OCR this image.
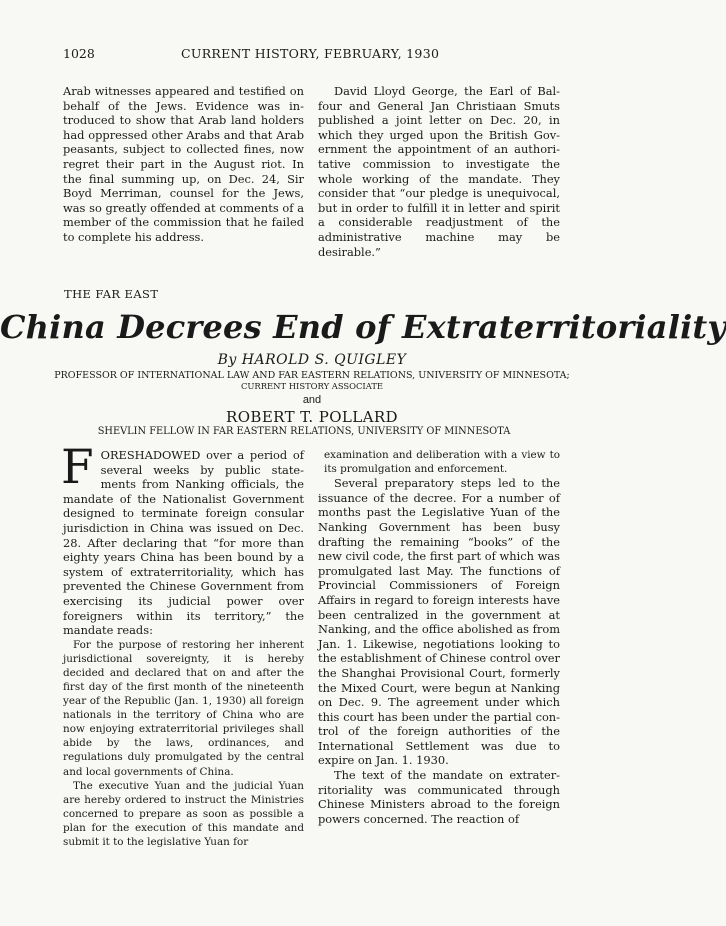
1028	CURRENT HISTORY, FEBRUARY, 1930

Arab witnesses appeared and testified on behalf of the Jews. Evidence was introduced to show that Arab land holders had oppressed other Arabs and that Arab peasants, subject to collected fines, now regret their part in the August riot. In the final summing up, on Dec. 24, Sir Boyd Merriman, counsel for the Jews, was so greatly offended at comments of a member of the commission that he failed to complete his address.

David Lloyd George, the Earl of Balfour and General Jan Christiaan Smuts published a joint letter on Dec. 20, in which they urged upon the British Government the appointment of an authoritative commission to investigate the whole working of the mandate. They consider that “our pledge is unequivocal, but in order to fulfill it in letter and spirit a considerable readjustment of the administrative machine may be desirable.”

THE FAR EAST
China Decrees End of Extraterritoriality
By HAROLD S. QUIGLEY
PROFESSOR OF INTERNATIONAL LAW AND FAR EASTERN RELATIONS, UNIVERSITY OF MINNESOTA;
CURRENT HISTORY ASSOCIATE
and
ROBERT T. POLLARD
SHEVLIN FELLOW IN FAR EASTERN RELATIONS, UNIVERSITY OF MINNESOTA

FORESHADOWED over a period of several weeks by public statements from Nanking officials, the mandate of the Nationalist Government designed to terminate foreign consular jurisdiction in China was issued on Dec. 28. After declaring that “for more than eighty years China has been bound by a system of extraterritoriality, which has prevented the Chinese Government from exercising its judicial power over foreigners within its territory,” the mandate reads:

For the purpose of restoring her inherent jurisdictional sovereignty, it is hereby decided and declared that on and after the first day of the first month of the nineteenth year of the Republic (Jan. 1, 1930) all foreign nationals in the territory of China who are now enjoying extraterritorial privileges shall abide by the laws, ordinances, and regulations duly promulgated by the central and local governments of China.

The executive Yuan and the judicial Yuan are hereby ordered to instruct the Ministries concerned to prepare as soon as possible a plan for the execution of this mandate and submit it to the legislative Yuan for

examination and deliberation with a view to its promulgation and enforcement.

Several preparatory steps led to the issuance of the decree. For a number of months past the Legislative Yuan of the Nanking Government has been busy drafting the remaining “books” of the new civil code, the first part of which was promulgated last May. The functions of Provincial Commissioners of Foreign Affairs in regard to foreign interests have been centralized in the government at Nanking, and the office abolished as from Jan. 1. Likewise, negotiations looking to the establishment of Chinese control over the Shanghai Provisional Court, formerly the Mixed Court, were begun at Nanking on Dec. 9. The agreement under which this court has been under the partial control of the foreign authorities of the International Settlement was due to expire on Jan. 1. 1930.

The text of the mandate on extraterritoriality was communicated through Chinese Ministers abroad to the foreign powers concerned. The reaction of
